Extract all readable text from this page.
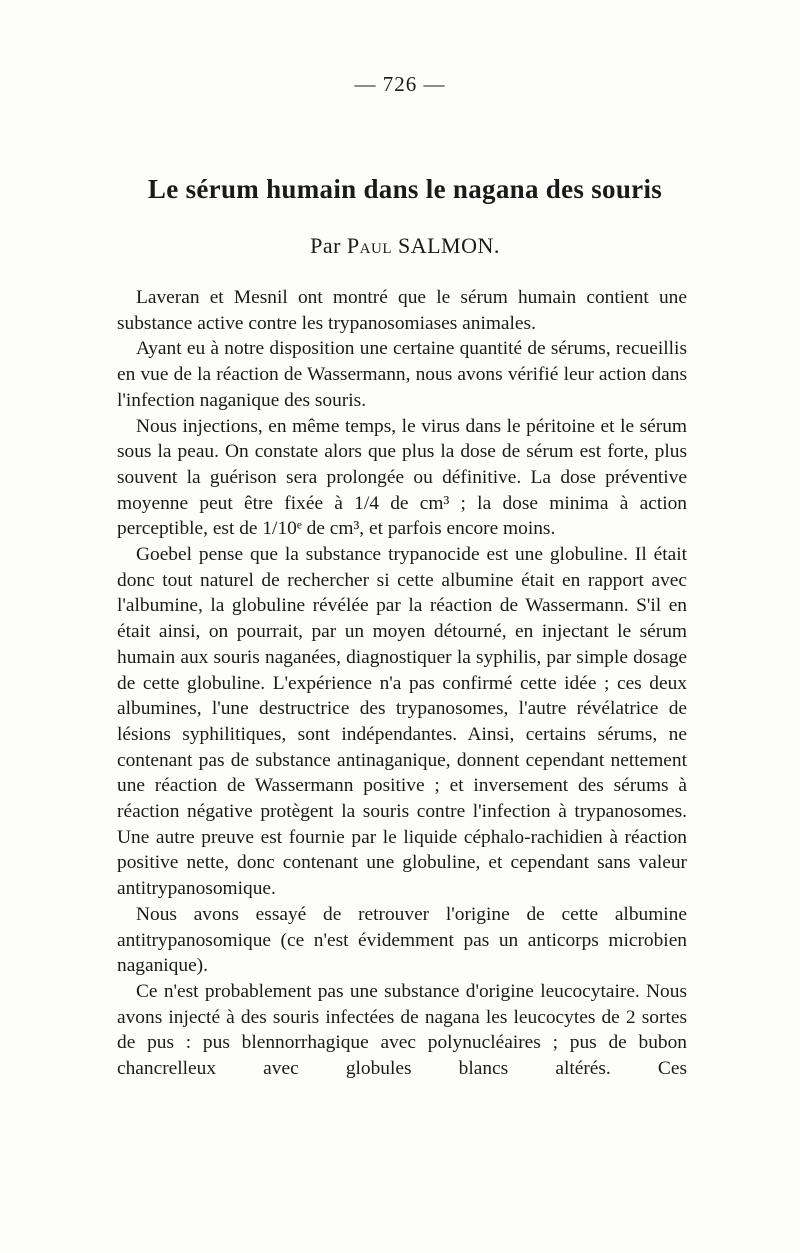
— 726 —
Le sérum humain dans le nagana des souris
Par Paul SALMON.

Laveran et Mesnil ont montré que le sérum humain contient une substance active contre les trypanosomiases animales.

Ayant eu à notre disposition une certaine quantité de sérums, recueillis en vue de la réaction de Wassermann, nous avons vérifié leur action dans l'infection naganique des souris.

Nous injections, en même temps, le virus dans le péritoine et le sérum sous la peau. On constate alors que plus la dose de sérum est forte, plus souvent la guérison sera prolongée ou définitive. La dose préventive moyenne peut être fixée à 1/4 de cm³ ; la dose minima à action perceptible, est de 1/10ᵉ de cm³, et parfois encore moins.

Goebel pense que la substance trypanocide est une globuline. Il était donc tout naturel de rechercher si cette albumine était en rapport avec l'albumine, la globuline révélée par la réaction de Wassermann. S'il en était ainsi, on pourrait, par un moyen détourné, en injectant le sérum humain aux souris naganées, diagnostiquer la syphilis, par simple dosage de cette globuline. L'expérience n'a pas confirmé cette idée ; ces deux albumines, l'une destructrice des trypanosomes, l'autre révélatrice de lésions syphilitiques, sont indépendantes. Ainsi, certains sérums, ne contenant pas de substance antinaganique, donnent cependant nettement une réaction de Wassermann positive ; et inversement des sérums à réaction négative protègent la souris contre l'infection à trypanosomes. Une autre preuve est fournie par le liquide céphalo-rachidien à réaction positive nette, donc contenant une globuline, et cependant sans valeur antitrypanosomique.

Nous avons essayé de retrouver l'origine de cette albumine antitrypanosomique (ce n'est évidemment pas un anticorps microbien naganique).

Ce n'est probablement pas une substance d'origine leucocytaire. Nous avons injecté à des souris infectées de nagana les leucocytes de 2 sortes de pus : pus blennorrhagique avec polynucléaires ; pus de bubon chancrelleux avec globules blancs altérés. Ces
